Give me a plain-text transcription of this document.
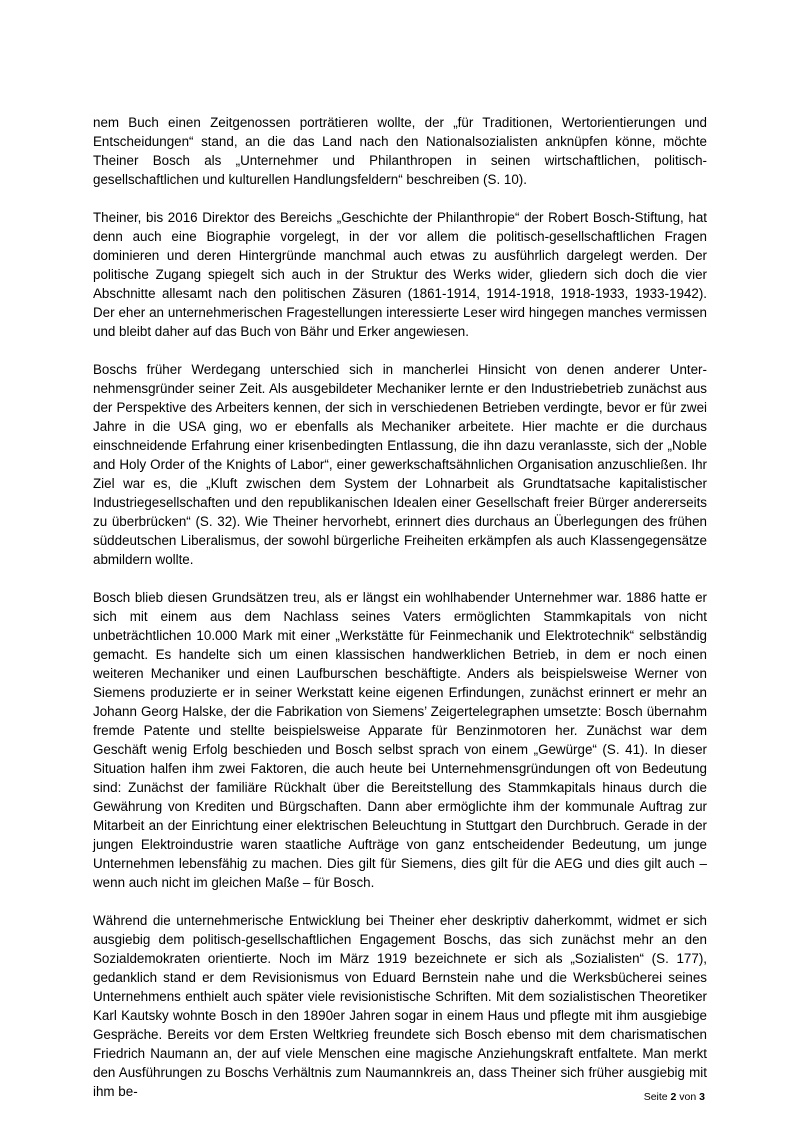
nem Buch einen Zeitgenossen porträtieren wollte, der „für Traditionen, Wertorientierungen und Entscheidungen“ stand, an die das Land nach den Nationalsozialisten anknüpfen könne, möchte Theiner Bosch als „Unternehmer und Philanthropen in seinen wirtschaftlichen, politisch-gesellschaftlichen und kulturellen Handlungsfeldern“ beschreiben (S. 10).

Theiner, bis 2016 Direktor des Bereichs „Geschichte der Philanthropie“ der Robert Bosch-Stiftung, hat denn auch eine Biographie vorgelegt, in der vor allem die politisch-gesellschaftlichen Fragen dominieren und deren Hintergründe manchmal auch etwas zu ausführlich dargelegt werden. Der politische Zugang spiegelt sich auch in der Struktur des Werks wider, gliedern sich doch die vier Abschnitte allesamt nach den politischen Zäsuren (1861-1914, 1914-1918, 1918-1933, 1933-1942). Der eher an unternehmerischen Fragestellungen interessierte Leser wird hingegen manches vermissen und bleibt daher auf das Buch von Bähr und Erker angewiesen.

Boschs früher Werdegang unterschied sich in mancherlei Hinsicht von denen anderer Unternehmensgründer seiner Zeit. Als ausgebildeter Mechaniker lernte er den Industriebetrieb zunächst aus der Perspektive des Arbeiters kennen, der sich in verschiedenen Betrieben verdingte, bevor er für zwei Jahre in die USA ging, wo er ebenfalls als Mechaniker arbeitete. Hier machte er die durchaus einschneidende Erfahrung einer krisenbedingten Entlassung, die ihn dazu veranlasste, sich der „Noble and Holy Order of the Knights of Labor“, einer gewerkschaftsähnlichen Organisation anzuschließen. Ihr Ziel war es, die „Kluft zwischen dem System der Lohnarbeit als Grundtatsache kapitalistischer Industriegesellschaften und den republikanischen Idealen einer Gesellschaft freier Bürger andererseits zu überbrücken“ (S. 32). Wie Theiner hervorhebt, erinnert dies durchaus an Überlegungen des frühen süddeutschen Liberalismus, der sowohl bürgerliche Freiheiten erkämpfen als auch Klassengegensätze abmildern wollte.

Bosch blieb diesen Grundsätzen treu, als er längst ein wohlhabender Unternehmer war. 1886 hatte er sich mit einem aus dem Nachlass seines Vaters ermöglichten Stammkapitals von nicht unbeträchtlichen 10.000 Mark mit einer „Werkstätte für Feinmechanik und Elektrotechnik“ selbständig gemacht. Es handelte sich um einen klassischen handwerklichen Betrieb, in dem er noch einen weiteren Mechaniker und einen Laufburschen beschäftigte. Anders als beispielsweise Werner von Siemens produzierte er in seiner Werkstatt keine eigenen Erfindungen, zunächst erinnert er mehr an Johann Georg Halske, der die Fabrikation von Siemens’ Zeigertelegraphen umsetzte: Bosch übernahm fremde Patente und stellte beispielsweise Apparate für Benzinmotoren her. Zunächst war dem Geschäft wenig Erfolg beschieden und Bosch selbst sprach von einem „Gewürge“ (S. 41). In dieser Situation halfen ihm zwei Faktoren, die auch heute bei Unternehmensgründungen oft von Bedeutung sind: Zunächst der familiäre Rückhalt über die Bereitstellung des Stammkapitals hinaus durch die Gewährung von Krediten und Bürgschaften. Dann aber ermöglichte ihm der kommunale Auftrag zur Mitarbeit an der Einrichtung einer elektrischen Beleuchtung in Stuttgart den Durchbruch. Gerade in der jungen Elektroindustrie waren staatliche Aufträge von ganz entscheidender Bedeutung, um junge Unternehmen lebensfähig zu machen. Dies gilt für Siemens, dies gilt für die AEG und dies gilt auch – wenn auch nicht im gleichen Maße – für Bosch.

Während die unternehmerische Entwicklung bei Theiner eher deskriptiv daherkommt, widmet er sich ausgiebig dem politisch-gesellschaftlichen Engagement Boschs, das sich zunächst mehr an den Sozialdemokraten orientierte. Noch im März 1919 bezeichnete er sich als „Sozialisten“ (S. 177), gedanklich stand er dem Revisionismus von Eduard Bernstein nahe und die Werksbücherei seines Unternehmens enthielt auch später viele revisionistische Schriften. Mit dem sozialistischen Theoretiker Karl Kautsky wohnte Bosch in den 1890er Jahren sogar in einem Haus und pflegte mit ihm ausgiebige Gespräche. Bereits vor dem Ersten Weltkrieg freundete sich Bosch ebenso mit dem charismatischen Friedrich Naumann an, der auf viele Menschen eine magische Anziehungskraft entfaltete. Man merkt den Ausführungen zu Boschs Verhältnis zum Naumannkreis an, dass Theiner sich früher ausgiebig mit ihm be-	Seite 2 von 3
